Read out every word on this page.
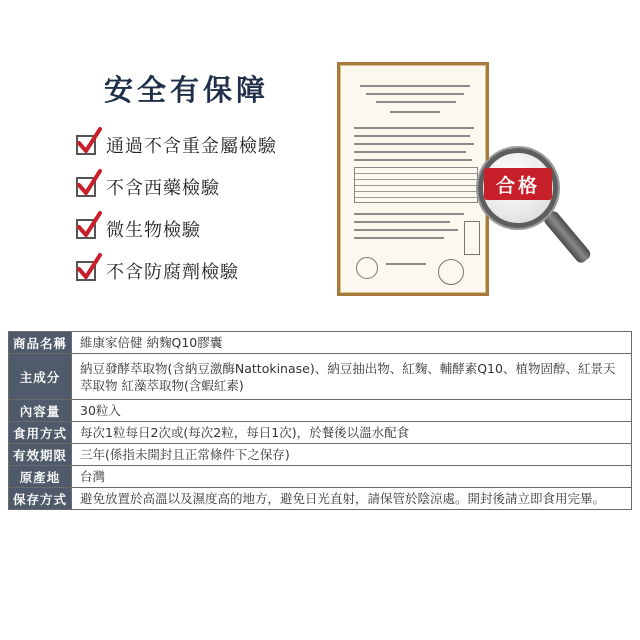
安全有保障
通過不含重金屬檢驗
不含西藥檢驗
微生物檢驗
不含防腐劑檢驗
合格
商品名稱	維康家倍健 納麴Q10膠囊
主成分	納豆發酵萃取物(含納豆激酶Nattokinase)、納豆抽出物、紅麴、輔酵素Q10、植物固醇、紅景天萃取物 紅藻萃取物(含蝦紅素)
內容量	30粒入
食用方式	每次1粒每日2次或(每次2粒，每日1次)，於餐後以溫水配食
有效期限	三年(係指未開封且正常條件下之保存)
原產地	台灣
保存方式	避免放置於高溫以及濕度高的地方，避免日光直射，請保管於陰涼處。開封後請立即食用完畢。
